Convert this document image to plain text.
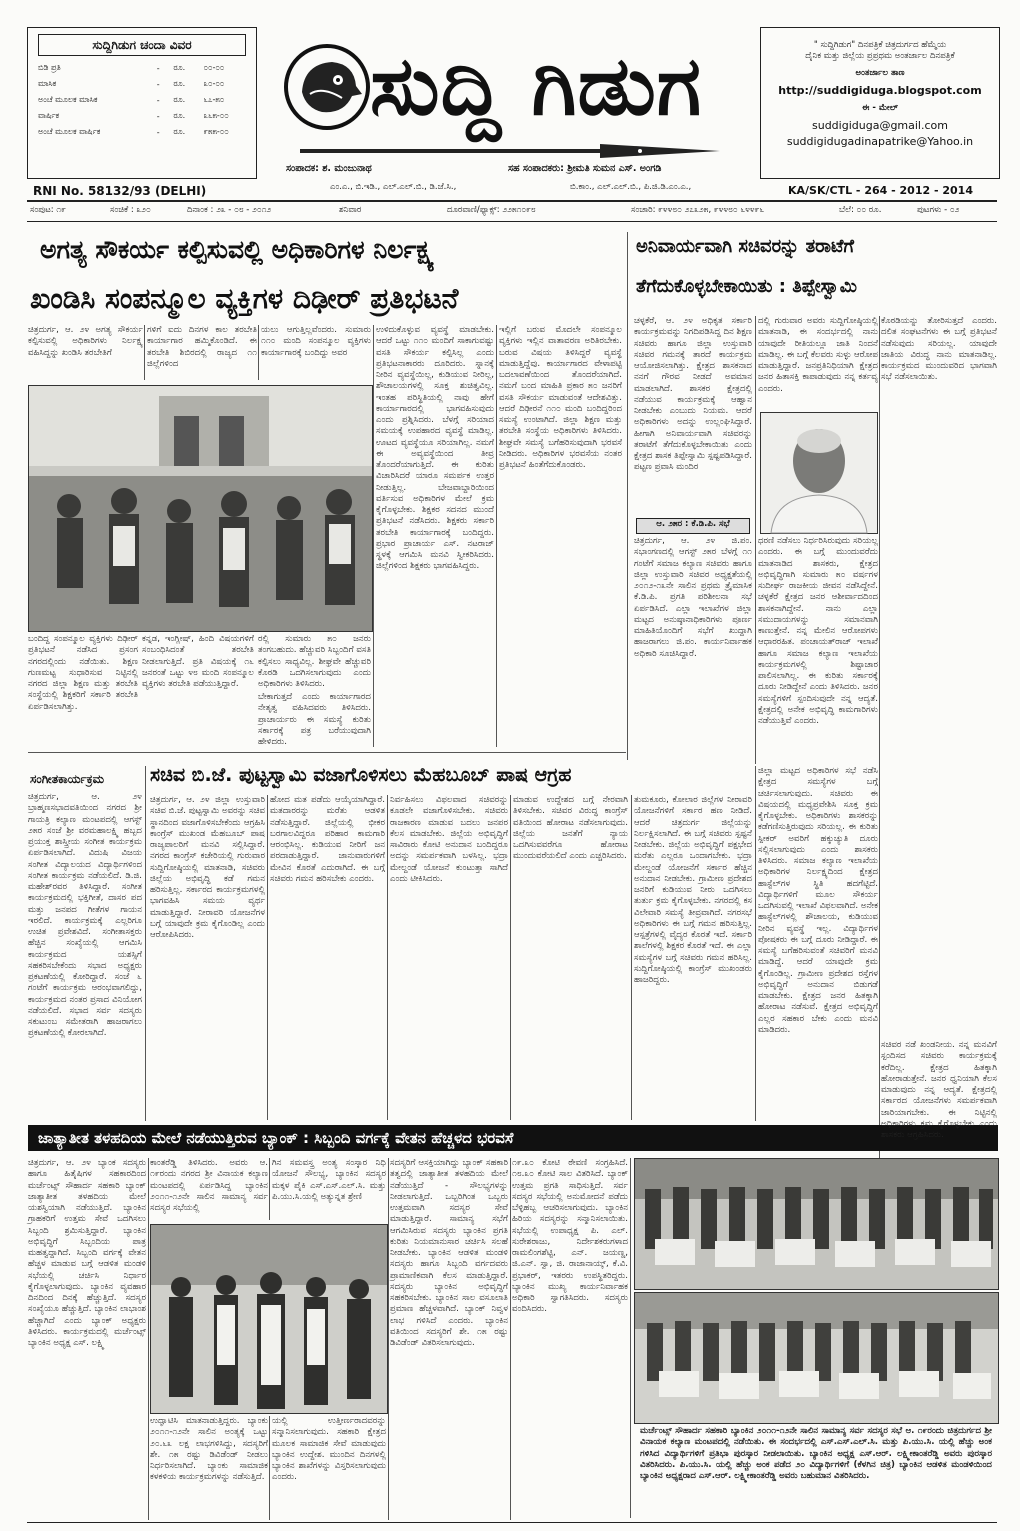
ಸುದ್ದಿಗಿಡುಗ ಚಂದಾ ವಿವರ
ಬಿಡಿ ಪ್ರತಿ	-	ರೂ.	೦೦-೦೦
ಮಾಸಿಕ	-	ರೂ.	೩೦-೦೦
ಅಂಚೆ ಮೂಲಕ ಮಾಸಿಕ	-	ರೂ.	೬೭-೫೦
ವಾರ್ಷಿಕ	-	ರೂ.	೩೬೫-೦೦
ಅಂಚೆ ಮೂಲಕ ವಾರ್ಷಿಕ	-	ರೂ.	೯೫೫-೦೦
RNI No. 58132/93 (DELHI)
ಸುದ್ದಿ ಗಿಡುಗ
ಸಂಪಾದಕ: ಶ. ಮಂಜುನಾಥ
ಎಂ.ಎ., ಬಿ.ಇಡಿ., ಎಲ್.ಎಲ್.ಬಿ., ಡಿ.ಜೆ.ಸಿ.,
ಸಹ ಸಂಪಾದಕರು: ಶ್ರೀಮತಿ ಸುಮನ ಎಸ್. ಅಂಗಡಿ
ಬಿ.ಕಾಂ., ಎಲ್.ಎಲ್.ಬಿ., ಪಿ.ಜಿ.ಡಿ.ಎಂ.ಎ.,
" ಸುದ್ದಿಗಿಡುಗ" ದಿನಪತ್ರಿಕೆ ಚಿತ್ರದುರ್ಗದ ಹೆಮ್ಮೆಯ
ದೈನಿಕ ಮತ್ತು ಜಿಲ್ಲೆಯ ಪ್ರಪ್ರಥಮ ಅಂತರ್ಜಾಲ ದಿನಪತ್ರಿಕೆ
ಅಂತರ್ಜಾಲ ತಾಣ
http://suddigiduga.blogspot.com
ಈ - ಮೇಲ್
suddigiduga@gmail.com
suddigidugadinapatrike@Yahoo.in
KA/SK/CTL - 264 - 2012 - 2014
ಸಂಪುಟ: ೧೯	ಸಂಚಿಕೆ : ೩೨೦	ದಿನಾಂಕ : ೨೩ - ೦೮ - ೨೦೧೨	ಶನಿವಾರ	ದೂರವಾಣಿ/ಫ್ಯಾಕ್ಸ್: ೨೨೫೧೦೯೮	ಸಂಚಾರಿ: ೯೪೪೮೦ ೨೭೩೨೫, ೯೪೪೮೦ ೬೪೪೯೬	ಬೆಲೆ: ೦೦ ರೂ.	ಪುಟಗಳು - ೦೨
ಅಗತ್ಯ ಸೌಕರ್ಯ ಕಲ್ಪಿಸುವಲ್ಲಿ ಅಧಿಕಾರಿಗಳ ನಿರ್ಲಕ್ಷ್ಯ
ಖಂಡಿಸಿ ಸಂಪನ್ಮೂಲ ವ್ಯಕ್ತಿಗಳ ದಿಢೀರ್ ಪ್ರತಿಭಟನೆ
ಚಿತ್ರದುರ್ಗ, ಆ. ೨೪ ಅಗತ್ಯ ಸೌಕರ್ಯ ಕಲ್ಪಿಸುವಲ್ಲಿ ಅಧಿಕಾರಿಗಳು ನಿರ್ಲಕ್ಷ್ಯ ವಹಿಸಿದ್ದನ್ನು ಖಂಡಿಸಿ ತರಬೇತಿಗೆ
ಗಳಿಗೆ ಐದು ದಿನಗಳ ಕಾಲ ತರಬೇತಿ ಕಾರ್ಯಾಗಾರ ಹಮ್ಮಿಕೊಂಡಿದೆ. ಈ ತರಬೇತಿ ಶಿಬಿರದಲ್ಲಿ ರಾಜ್ಯದ ೧೧ ಜಿಲ್ಲೆಗಳಿಂದ
ಯಲು ಆಗುತ್ತಿಲ್ಲವೆಂದರು. ಸುಮಾರು ೧೧೦ ಮಂದಿ ಸಂಪನ್ಮೂಲ ವ್ಯಕ್ತಿಗಳು ಕಾರ್ಯಾಗಾರಕ್ಕೆ ಬಂದಿದ್ದು ಅವರ
ಉಳಿದುಕೊಳ್ಳುವ ವ್ಯವಸ್ಥೆ ಮಾಡಬೇಕು. ಆದರೆ ಒಟ್ಟು ೧೧೦ ಮಂದಿಗೆ ಸಾಕಾಗುವಷ್ಟು ವಸತಿ ಸೌಕರ್ಯ ಕಲ್ಪಿಸಿಲ್ಲ ಎಂದು ಪ್ರತಿಭಟನಾಕಾರರು ದೂರಿದರು. ಸ್ನಾನಕ್ಕೆ ನೀರಿನ ವ್ಯವಸ್ಥೆಯಿಲ್ಲ, ಕುಡಿಯುವ ನೀರಿಲ್ಲ, ಶೌಚಾಲಯಗಳಲ್ಲಿ ಸೂಕ್ತ ಶುಚಿತ್ವವಿಲ್ಲ. ಇಂತಹ ಪರಿಸ್ಥಿತಿಯಲ್ಲಿ ನಾವು ಹೇಗೆ ಕಾರ್ಯಾಗಾರದಲ್ಲಿ ಭಾಗವಹಿಸುವುದು ಎಂದು ಪ್ರಶ್ನಿಸಿದರು. ಬೆಳಗ್ಗೆ ಸರಿಯಾದ ಸಮಯಕ್ಕೆ ಉಪಹಾರದ ವ್ಯವಸ್ಥೆ ಮಾಡಿಲ್ಲ. ಊಟದ ವ್ಯವಸ್ಥೆಯೂ ಸರಿಯಾಗಿಲ್ಲ. ನಮಗೆ ಈ ಅವ್ಯವಸ್ಥೆಯಿಂದ ತೀವ್ರ ತೊಂದರೆಯಾಗುತ್ತಿದೆ. ಈ ಕುರಿತು ವಿಚಾರಿಸಿದರೆ ಯಾರೂ ಸಮರ್ಪಕ ಉತ್ತರ ನೀಡುತ್ತಿಲ್ಲ. ಬೇಜವಾಬ್ದಾರಿಯಿಂದ ವರ್ತಿಸುವ ಅಧಿಕಾರಿಗಳ ಮೇಲೆ ಕ್ರಮ ಕೈಗೊಳ್ಳಬೇಕು. ಶಿಕ್ಷಕರ ಸದನದ ಮುಂದೆ ಪ್ರತಿಭಟನೆ ನಡೆಸಿದರು. ಶಿಕ್ಷಕರು ಸರ್ಕಾರಿ ತರಬೇತಿ ಕಾರ್ಯಾಗಾರಕ್ಕೆ ಬಂದಿದ್ದರು. ಪ್ರಭಾರ ಪ್ರಾಚಾರ್ಯ ಎಸ್. ನಟರಾಜ್ ಸ್ಥಳಕ್ಕೆ ಆಗಮಿಸಿ ಮನವಿ ಸ್ವೀಕರಿಸಿದರು. ಜಿಲ್ಲೆಗಳಿಂದ ಶಿಕ್ಷಕರು ಭಾಗವಹಿಸಿದ್ದರು.
ಇಲ್ಲಿಗೆ ಬರುವ ಮೊದಲೇ ಸಂಪನ್ಮೂಲ ವ್ಯಕ್ತಿಗಳು ಇಲ್ಲಿನ ವಾತಾವರಣ ಅರಿತಿರಬೇಕು. ಬರುವ ವಿಷಯ ತಿಳಿಸಿದ್ದರೆ ವ್ಯವಸ್ಥೆ ಮಾಡುತ್ತಿದ್ದೆವು. ಕಾರ್ಯಾಗಾರದ ವೇಳಾಪಟ್ಟಿ ಬದಲಾವಣೆಯಿಂದ ತೊಂದರೆಯಾಗಿದೆ. ನಮಗೆ ಬಂದ ಮಾಹಿತಿ ಪ್ರಕಾರ ೫೦ ಜನರಿಗೆ ವಸತಿ ಸೌಕರ್ಯ ಮಾಡುವಂತೆ ಆದೇಶವಿತ್ತು. ಆದರೆ ದಿಢೀರನೆ ೧೧೦ ಮಂದಿ ಬಂದಿದ್ದರಿಂದ ಸಮಸ್ಯೆ ಉಂಟಾಗಿದೆ. ಜಿಲ್ಲಾ ಶಿಕ್ಷಣ ಮತ್ತು ತರಬೇತಿ ಸಂಸ್ಥೆಯ ಅಧಿಕಾರಿಗಳು ತಿಳಿಸಿದರು. ಶೀಘ್ರವೇ ಸಮಸ್ಯೆ ಬಗೆಹರಿಸುವುದಾಗಿ ಭರವಸೆ ನೀಡಿದರು. ಅಧಿಕಾರಿಗಳ ಭರವಸೆಯ ನಂತರ ಪ್ರತಿಭಟನೆ ಹಿಂತೆಗೆದುಕೊಂಡರು.
ಬಂದಿದ್ದ ಸಂಪನ್ಮೂಲ ವ್ಯಕ್ತಿಗಳು ದಿಢೀರ್ ಪ್ರತಿಭಟನೆ ನಡೆಸಿದ ಪ್ರಸಂಗ ನಗರದಲ್ಲಿಂದು ನಡೆಯಿತು. ಶಿಕ್ಷಣ ಗುಣಮಟ್ಟ ಸುಧಾರಿಸುವ ನಿಟ್ಟಿನಲ್ಲಿ ನಗರದ ಜಿಲ್ಲಾ ಶಿಕ್ಷಣ ಮತ್ತು ತರಬೇತಿ ಸಂಸ್ಥೆಯಲ್ಲಿ ಶಿಕ್ಷಕರಿಗೆ ಸರ್ಕಾರಿ ತರಬೇತಿ ಏರ್ಪಡಿಸಲಾಗಿತ್ತು.
ಕನ್ನಡ, ಇಂಗ್ಲೀಷ್, ಹಿಂದಿ ವಿಷಯಗಳಿಗೆ ಸಂಬಂಧಿಸಿದಂತೆ ತರಬೇತಿ ನೀಡಲಾಗುತ್ತಿದೆ. ಪ್ರತಿ ವಿಷಯಕ್ಕೆ ೧೬ ಜನರಂತೆ ಒಟ್ಟು ೪೮ ಮಂದಿ ಸಂಪನ್ಮೂಲ ವ್ಯಕ್ತಿಗಳು ತರಬೇತಿ ಪಡೆಯುತ್ತಿದ್ದಾರೆ.
ರಲ್ಲಿ ಸುಮಾರು ೫೦ ಜನರು ತಂಗಬಹುದು. ಹೆಚ್ಚುವರಿ ಸಿಬ್ಬಂದಿಗೆ ವಸತಿ ಕಲ್ಪಿಸಲು ಸಾಧ್ಯವಿಲ್ಲ. ಶೀಘ್ರವೇ ಹೆಚ್ಚುವರಿ ಕೊಠಡಿ ಒದಗಿಸಲಾಗುವುದು ಎಂದು ಅಧಿಕಾರಿಗಳು ತಿಳಿಸಿದರು.
ಬೇಕಾಗುತ್ತದೆ ಎಂದು ಕಾರ್ಯಾಗಾರದ ನೇತೃತ್ವ ವಹಿಸಿದವರು ತಿಳಿಸಿದರು. ಪ್ರಾಚಾರ್ಯರು ಈ ಸಮಸ್ಯೆ ಕುರಿತು ಸರ್ಕಾರಕ್ಕೆ ಪತ್ರ ಬರೆಯುವುದಾಗಿ ಹೇಳಿದರು.
ಅನಿವಾರ್ಯವಾಗಿ ಸಚಿವರನ್ನು ತರಾಟೆಗೆ
ತೆಗೆದುಕೊಳ್ಳಬೇಕಾಯಿತು : ತಿಪ್ಪೇಸ್ವಾಮಿ
ಚಳ್ಳಕೆರೆ, ಆ. ೨೪ ಅಧಿಕೃತ ಸರ್ಕಾರಿ ಕಾರ್ಯಕ್ರಮವನ್ನು ನಿಗದಿಪಡಿಸಿದ್ದ ದಿನ ಶಿಕ್ಷಣ ಸಚಿವರು ಹಾಗೂ ಜಿಲ್ಲಾ ಉಸ್ತುವಾರಿ ಸಚಿವರ ಗಮನಕ್ಕೆ ತಾರದೆ ಕಾರ್ಯಕ್ರಮ ಆಯೋಜಿಸಲಾಗಿತ್ತು. ಕ್ಷೇತ್ರದ ಶಾಸಕನಾದ ನನಗೆ ಗೌರವ ನೀಡದೆ ಅವಮಾನ ಮಾಡಲಾಗಿದೆ. ಶಾಸಕರ ಕ್ಷೇತ್ರದಲ್ಲಿ ನಡೆಯುವ ಕಾರ್ಯಕ್ರಮಕ್ಕೆ ಆಹ್ವಾನ ನೀಡಬೇಕು ಎಂಬುದು ನಿಯಮ. ಆದರೆ ಅಧಿಕಾರಿಗಳು ಅದನ್ನು ಉಲ್ಲಂಘಿಸಿದ್ದಾರೆ. ಹೀಗಾಗಿ ಅನಿವಾರ್ಯವಾಗಿ ಸಚಿವರನ್ನು ತರಾಟೆಗೆ ತೆಗೆದುಕೊಳ್ಳಬೇಕಾಯಿತು ಎಂದು ಕ್ಷೇತ್ರದ ಶಾಸಕ ತಿಪ್ಪೇಸ್ವಾಮಿ ಸ್ಪಷ್ಟಪಡಿಸಿದ್ದಾರೆ. ಪಟ್ಟಣ ಪ್ರವಾಸಿ ಮಂದಿರ
ದಲ್ಲಿ ಗುರುವಾರ ಅವರು ಸುದ್ದಿಗೋಷ್ಠಿಯಲ್ಲಿ ಮಾತನಾಡಿ, ಈ ಸಂದರ್ಭದಲ್ಲಿ ನಾನು ಯಾವುದೇ ರೀತಿಯಲ್ಲೂ ಜಾತಿ ನಿಂದನೆ ಮಾಡಿಲ್ಲ. ಈ ಬಗ್ಗೆ ಕೆಲವರು ಸುಳ್ಳು ಆರೋಪ ಮಾಡುತ್ತಿದ್ದಾರೆ. ಜನಪ್ರತಿನಿಧಿಯಾಗಿ ಕ್ಷೇತ್ರದ ಜನರ ಹಿತಾಸಕ್ತಿ ಕಾಪಾಡುವುದು ನನ್ನ ಕರ್ತವ್ಯ ಎಂದರು.
ಕೊಠಡಿಯನ್ನು ತೋರಿಸುತ್ತದೆ ಎಂದರು. ದಲಿತ ಸಂಘಟನೆಗಳು ಈ ಬಗ್ಗೆ ಪ್ರತಿಭಟನೆ ನಡೆಸುವುದು ಸರಿಯಲ್ಲ. ಯಾವುದೇ ಜಾತಿಯ ವಿರುದ್ಧ ನಾನು ಮಾತನಾಡಿಲ್ಲ. ಕಾರ್ಯಕ್ರಮದ ಮುಂದುವರಿದ ಭಾಗವಾಗಿ ಸಭೆ ನಡೆಸಲಾಯಿತು.
ಆ. ೨೫ರ : ಕೆ.ಡಿ.ಪಿ. ಸಭೆ
ಚಿತ್ರದುರ್ಗ, ಆ. ೨೪ ಜಿ.ಪಂ. ಸಭಾಂಗಣದಲ್ಲಿ ಆಗಸ್ಟ್ ೨೫ರ ಬೆಳಗ್ಗೆ ೧೧ ಗಂಟೆಗೆ ಸಮಾಜ ಕಲ್ಯಾಣ ಸಚಿವರು ಹಾಗೂ ಜಿಲ್ಲಾ ಉಸ್ತುವಾರಿ ಸಚಿವರ ಅಧ್ಯಕ್ಷತೆಯಲ್ಲಿ ೨೦೧೨-೧೩ನೇ ಸಾಲಿನ ಪ್ರಥಮ ತ್ರೈಮಾಸಿಕ ಕೆ.ಡಿ.ಪಿ. ಪ್ರಗತಿ ಪರಿಶೀಲನಾ ಸಭೆ ಏರ್ಪಡಿಸಿದೆ. ಎಲ್ಲಾ ಇಲಾಖೆಗಳ ಜಿಲ್ಲಾ ಮಟ್ಟದ ಅನುಷ್ಠಾನಾಧಿಕಾರಿಗಳು ಪೂರ್ಣ ಮಾಹಿತಿಯೊಂದಿಗೆ ಸಭೆಗೆ ಖುದ್ದಾಗಿ ಹಾಜರಾಗಲು ಜಿ.ಪಂ. ಕಾರ್ಯನಿರ್ವಾಹಕ ಅಧಿಕಾರಿ ಸೂಚಿಸಿದ್ದಾರೆ.
ಧರಣಿ ನಡೆಸಲು ನಿರ್ಧರಿಸಿರುವುದು ಸರಿಯಲ್ಲ ಎಂದರು. ಈ ಬಗ್ಗೆ ಮುಂದುವರೆದು ಮಾತನಾಡಿದ ಶಾಸಕರು, ಕ್ಷೇತ್ರದ ಅಭಿವೃದ್ಧಿಗಾಗಿ ಸುಮಾರು ೫೦ ವರ್ಷಗಳ ಸುದೀರ್ಘ ರಾಜಕೀಯ ಜೀವನ ನಡೆಸಿದ್ದೇನೆ. ಚಳ್ಳಕೆರೆ ಕ್ಷೇತ್ರದ ಜನರ ಆಶೀರ್ವಾದದಿಂದ ಶಾಸಕನಾಗಿದ್ದೇನೆ. ನಾನು ಎಲ್ಲಾ ಸಮುದಾಯಗಳನ್ನು ಸಮಾನವಾಗಿ ಕಾಣುತ್ತೇನೆ. ನನ್ನ ಮೇಲಿನ ಆರೋಪಗಳು ಆಧಾರರಹಿತ. ಪಂಚಾಯತ್‌ರಾಜ್ ಇಲಾಖೆ ಹಾಗೂ ಸಮಾಜ ಕಲ್ಯಾಣ ಇಲಾಖೆಯ ಕಾರ್ಯಕ್ರಮಗಳಲ್ಲಿ ಶಿಷ್ಟಾಚಾರ ಪಾಲಿಸಲಾಗಿಲ್ಲ. ಈ ಕುರಿತು ಸರ್ಕಾರಕ್ಕೆ ದೂರು ನೀಡಿದ್ದೇನೆ ಎಂದು ತಿಳಿಸಿದರು. ಜನರ ಸಮಸ್ಯೆಗಳಿಗೆ ಸ್ಪಂದಿಸುವುದೇ ನನ್ನ ಆದ್ಯತೆ. ಕ್ಷೇತ್ರದಲ್ಲಿ ಅನೇಕ ಅಭಿವೃದ್ಧಿ ಕಾಮಗಾರಿಗಳು ನಡೆಯುತ್ತಿವೆ ಎಂದರು.
ಸಂಗೀತಕಾರ್ಯಕ್ರಮ
ಚಿತ್ರದುರ್ಗ, ಆ. ೨೪ ಬ್ರಾಹ್ಮಣಸಭಾದವತಿಯಿಂದ ನಗರದ ಶ್ರೀ ಗಾಯತ್ರಿ ಕಲ್ಯಾಣ ಮಂಟಪದಲ್ಲಿ ಆಗಸ್ಟ್ ೨೫ರ ಸಂಜೆ ಶ್ರೀ ವರಮಹಾಲಕ್ಷ್ಮಿ ಹಬ್ಬದ ಪ್ರಯುಕ್ತ ಶಾಸ್ತ್ರೀಯ ಸಂಗೀತ ಕಾರ್ಯಕ್ರಮ ಏರ್ಪಡಿಸಲಾಗಿದೆ. ವಿದುಷಿ ವಿಜಯ ಸಂಗೀತ ವಿದ್ಯಾಲಯದ ವಿದ್ಯಾರ್ಥಿಗಳಿಂದ ಸಂಗೀತ ಕಾರ್ಯಕ್ರಮ ನಡೆಯಲಿದೆ. ಡಿ.ಜಿ. ಮಹೇಶ್‌ರವರ ತಿಳಿಸಿದ್ದಾರೆ. ಸಂಗೀತ ಕಾರ್ಯಕ್ರಮದಲ್ಲಿ ಭಕ್ತಿಗೀತೆ, ದಾಸರ ಪದ ಮತ್ತು ಜನಪದ ಗೀತೆಗಳ ಗಾಯನ ಇರಲಿದೆ. ಕಾರ್ಯಕ್ರಮಕ್ಕೆ ಎಲ್ಲರಿಗೂ ಉಚಿತ ಪ್ರವೇಶವಿದೆ. ಸಂಗೀತಾಸಕ್ತರು ಹೆಚ್ಚಿನ ಸಂಖ್ಯೆಯಲ್ಲಿ ಆಗಮಿಸಿ ಕಾರ್ಯಕ್ರಮದ ಯಶಸ್ಸಿಗೆ ಸಹಕರಿಸಬೇಕೆಂದು ಸಭಾದ ಅಧ್ಯಕ್ಷರು ಪ್ರಕಟಣೆಯಲ್ಲಿ ಕೋರಿದ್ದಾರೆ. ಸಂಜೆ ೬ ಗಂಟೆಗೆ ಕಾರ್ಯಕ್ರಮ ಆರಂಭವಾಗಲಿದ್ದು, ಕಾರ್ಯಕ್ರಮದ ನಂತರ ಪ್ರಸಾದ ವಿನಿಯೋಗ ನಡೆಯಲಿದೆ. ಸಭಾದ ಸರ್ವ ಸದಸ್ಯರು ಸಕುಟುಂಬ ಸಮೇತರಾಗಿ ಹಾಜರಾಗಲು ಪ್ರಕಟಣೆಯಲ್ಲಿ ಕೋರಲಾಗಿದೆ.
ಸಚಿವ ಬಿ.ಜೆ. ಪುಟ್ಟಸ್ವಾಮಿ ವಜಾಗೊಳಿಸಲು ಮೆಹಬೂಬ್ ಪಾಷ ಆಗ್ರಹ
ಚಿತ್ರದುರ್ಗ, ಆ. ೨೪ ಜಿಲ್ಲಾ ಉಸ್ತುವಾರಿ ಸಚಿವ ಬಿ.ಜೆ. ಪುಟ್ಟಸ್ವಾಮಿ ಅವರನ್ನು ಸಚಿವ ಸ್ಥಾನದಿಂದ ವಜಾಗೊಳಿಸಬೇಕೆಂದು ಆಗ್ರಹಿಸಿ ಕಾಂಗ್ರೆಸ್ ಮುಖಂಡ ಮೆಹಬೂಬ್ ಪಾಷ ರಾಜ್ಯಪಾಲರಿಗೆ ಮನವಿ ಸಲ್ಲಿಸಿದ್ದಾರೆ. ನಗರದ ಕಾಂಗ್ರೆಸ್ ಕಚೇರಿಯಲ್ಲಿ ಗುರುವಾರ ಸುದ್ದಿಗೋಷ್ಠಿಯಲ್ಲಿ ಮಾತನಾಡಿ, ಸಚಿವರು ಜಿಲ್ಲೆಯ ಅಭಿವೃದ್ಧಿ ಕಡೆ ಗಮನ ಹರಿಸುತ್ತಿಲ್ಲ. ಸರ್ಕಾರದ ಕಾರ್ಯಕ್ರಮಗಳಲ್ಲಿ ಭಾಗವಹಿಸಿ ಸಮಯ ವ್ಯರ್ಥ ಮಾಡುತ್ತಿದ್ದಾರೆ. ನೀರಾವರಿ ಯೋಜನೆಗಳ ಬಗ್ಗೆ ಯಾವುದೇ ಕ್ರಮ ಕೈಗೊಂಡಿಲ್ಲ ಎಂದು ಆರೋಪಿಸಿದರು.
ಹೋದ ಮತ ಪಡೆದು ಆಯ್ಕೆಯಾಗಿದ್ದಾರೆ. ಮತದಾರರನ್ನು ಮರೆತು ಆಡಳಿತ ನಡೆಸುತ್ತಿದ್ದಾರೆ. ಜಿಲ್ಲೆಯಲ್ಲಿ ಭೀಕರ ಬರಗಾಲವಿದ್ದರೂ ಪರಿಹಾರ ಕಾಮಗಾರಿ ಆರಂಭಿಸಿಲ್ಲ. ಕುಡಿಯುವ ನೀರಿಗೆ ಜನ ಪರದಾಡುತ್ತಿದ್ದಾರೆ. ಜಾನುವಾರುಗಳಿಗೆ ಮೇವಿನ ಕೊರತೆ ಎದುರಾಗಿದೆ. ಈ ಬಗ್ಗೆ ಸಚಿವರು ಗಮನ ಹರಿಸಬೇಕು ಎಂದರು.
ನಿರ್ವಹಿಸಲು ವಿಫಲವಾದ ಸಚಿವರನ್ನು ಕೂಡಲೇ ವಜಾಗೊಳಿಸಬೇಕು. ಸಚಿವರು ರಾಜಕಾರಣ ಮಾಡುವ ಬದಲು ಜನಪರ ಕೆಲಸ ಮಾಡಬೇಕು. ಜಿಲ್ಲೆಯ ಅಭಿವೃದ್ಧಿಗೆ ಸಾವಿರಾರು ಕೋಟಿ ಅನುದಾನ ಬಂದಿದ್ದರೂ ಅದನ್ನು ಸಮರ್ಪಕವಾಗಿ ಬಳಸಿಲ್ಲ. ಭದ್ರಾ ಮೇಲ್ದಂಡೆ ಯೋಜನೆ ಕುಂಟುತ್ತಾ ಸಾಗಿದೆ ಎಂದು ಟೀಕಿಸಿದರು.
ಮಾಡುವ ಉದ್ದೇಶದ ಬಗ್ಗೆ ನೇರವಾಗಿ ತಿಳಿಸಬೇಕು. ಸಚಿವರ ವಿರುದ್ಧ ಕಾಂಗ್ರೆಸ್ ವತಿಯಿಂದ ಹೋರಾಟ ನಡೆಸಲಾಗುವುದು. ಜಿಲ್ಲೆಯ ಜನತೆಗೆ ನ್ಯಾಯ ಒದಗಿಸುವವರೆಗೂ ಹೋರಾಟ ಮುಂದುವರೆಯಲಿದೆ ಎಂದು ಎಚ್ಚರಿಸಿದರು.
ತುಮಕೂರು, ಕೋಲಾರ ಜಿಲ್ಲೆಗಳ ನೀರಾವರಿ ಯೋಜನೆಗಳಿಗೆ ಸರ್ಕಾರ ಹಣ ನೀಡಿದೆ. ಆದರೆ ಚಿತ್ರದುರ್ಗ ಜಿಲ್ಲೆಯನ್ನು ನಿರ್ಲಕ್ಷಿಸಲಾಗಿದೆ. ಈ ಬಗ್ಗೆ ಸಚಿವರು ಸ್ಪಷ್ಟನೆ ನೀಡಬೇಕು. ಜಿಲ್ಲೆಯ ಅಭಿವೃದ್ಧಿಗೆ ಪಕ್ಷಭೇದ ಮರೆತು ಎಲ್ಲರೂ ಒಂದಾಗಬೇಕು. ಭದ್ರಾ ಮೇಲ್ದಂಡೆ ಯೋಜನೆಗೆ ಸರ್ಕಾರ ಹೆಚ್ಚಿನ ಅನುದಾನ ನೀಡಬೇಕು. ಗ್ರಾಮೀಣ ಪ್ರದೇಶದ ಜನರಿಗೆ ಕುಡಿಯುವ ನೀರು ಒದಗಿಸಲು ತುರ್ತು ಕ್ರಮ ಕೈಗೊಳ್ಳಬೇಕು. ನಗರದಲ್ಲಿ ಕಸ ವಿಲೇವಾರಿ ಸಮಸ್ಯೆ ತೀವ್ರವಾಗಿದೆ. ನಗರಸಭೆ ಅಧಿಕಾರಿಗಳು ಈ ಬಗ್ಗೆ ಗಮನ ಹರಿಸುತ್ತಿಲ್ಲ. ಆಸ್ಪತ್ರೆಗಳಲ್ಲಿ ವೈದ್ಯರ ಕೊರತೆ ಇದೆ. ಸರ್ಕಾರಿ ಶಾಲೆಗಳಲ್ಲಿ ಶಿಕ್ಷಕರ ಕೊರತೆ ಇದೆ. ಈ ಎಲ್ಲಾ ಸಮಸ್ಯೆಗಳ ಬಗ್ಗೆ ಸಚಿವರು ಗಮನ ಹರಿಸಿಲ್ಲ. ಸುದ್ದಿಗೋಷ್ಠಿಯಲ್ಲಿ ಕಾಂಗ್ರೆಸ್ ಮುಖಂಡರು ಹಾಜರಿದ್ದರು.
ಜಿಲ್ಲಾ ಮಟ್ಟದ ಅಧಿಕಾರಿಗಳ ಸಭೆ ನಡೆಸಿ ಕ್ಷೇತ್ರದ ಸಮಸ್ಯೆಗಳ ಬಗ್ಗೆ ಚರ್ಚಿಸಲಾಗುವುದು. ಸಚಿವರು ಈ ವಿಷಯದಲ್ಲಿ ಮಧ್ಯಪ್ರವೇಶಿಸಿ ಸೂಕ್ತ ಕ್ರಮ ಕೈಗೊಳ್ಳಬೇಕು. ಅಧಿಕಾರಿಗಳು ಶಾಸಕರನ್ನು ಕಡೆಗಣಿಸುತ್ತಿರುವುದು ಸರಿಯಲ್ಲ. ಈ ಕುರಿತು ಸ್ಪೀಕರ್ ಅವರಿಗೆ ಹಕ್ಕುಚ್ಯುತಿ ದೂರು ಸಲ್ಲಿಸಲಾಗುವುದು ಎಂದು ಶಾಸಕರು ತಿಳಿಸಿದರು. ಸಮಾಜ ಕಲ್ಯಾಣ ಇಲಾಖೆಯ ಅಧಿಕಾರಿಗಳ ನಿರ್ಲಕ್ಷ್ಯದಿಂದ ಕ್ಷೇತ್ರದ ಹಾಸ್ಟೆಲ್‌ಗಳ ಸ್ಥಿತಿ ಹದಗೆಟ್ಟಿದೆ. ವಿದ್ಯಾರ್ಥಿಗಳಿಗೆ ಮೂಲ ಸೌಕರ್ಯ ಒದಗಿಸುವಲ್ಲಿ ಇಲಾಖೆ ವಿಫಲವಾಗಿದೆ. ಅನೇಕ ಹಾಸ್ಟೆಲ್‌ಗಳಲ್ಲಿ ಶೌಚಾಲಯ, ಕುಡಿಯುವ ನೀರಿನ ವ್ಯವಸ್ಥೆ ಇಲ್ಲ. ವಿದ್ಯಾರ್ಥಿಗಳ ಪೋಷಕರು ಈ ಬಗ್ಗೆ ದೂರು ನೀಡಿದ್ದಾರೆ. ಈ ಸಮಸ್ಯೆ ಬಗೆಹರಿಸುವಂತೆ ಸಚಿವರಿಗೆ ಮನವಿ ಮಾಡಿದ್ದೆ. ಆದರೆ ಯಾವುದೇ ಕ್ರಮ ಕೈಗೊಂಡಿಲ್ಲ. ಗ್ರಾಮೀಣ ಪ್ರದೇಶದ ರಸ್ತೆಗಳ ಅಭಿವೃದ್ಧಿಗೆ ಅನುದಾನ ಬಿಡುಗಡೆ ಮಾಡಬೇಕು. ಕ್ಷೇತ್ರದ ಜನರ ಹಿತಕ್ಕಾಗಿ ಹೋರಾಟ ನಡೆಸುವೆ. ಕ್ಷೇತ್ರದ ಅಭಿವೃದ್ಧಿಗೆ ಎಲ್ಲರ ಸಹಕಾರ ಬೇಕು ಎಂದು ಮನವಿ ಮಾಡಿದರು.
ಜಾತ್ಯಾತೀತ ತಳಹದಿಯ ಮೇಲೆ ನಡೆಯುತ್ತಿರುವ ಬ್ಯಾಂಕ್ : ಸಿಬ್ಬಂದಿ ವರ್ಗಕ್ಕೆ ವೇತನ ಹೆಚ್ಚಳದ ಭರವಸೆ
ಚಿತ್ರದುರ್ಗ, ಆ. ೨೪ ಬ್ಯಾಂಕ ಸದಸ್ಯರು ಹಾಗೂ ಹಿತೈಷಿಗಳ ಸಹಕಾರದಿಂದ ಮರ್ಚೆಂಟ್ಸ್ ಸೌಹಾರ್ದ ಸಹಕಾರಿ ಬ್ಯಾಂಕ್ ಜಾತ್ಯಾತೀತ ತಳಹದಿಯ ಮೇಲೆ ಯಶಸ್ವಿಯಾಗಿ ನಡೆಯುತ್ತಿದೆ. ಬ್ಯಾಂಕಿನ ಗ್ರಾಹಕರಿಗೆ ಉತ್ತಮ ಸೇವೆ ಒದಗಿಸಲು ಸಿಬ್ಬಂದಿ ಶ್ರಮಿಸುತ್ತಿದ್ದಾರೆ. ಬ್ಯಾಂಕಿನ ಅಭಿವೃದ್ಧಿಗೆ ಸಿಬ್ಬಂದಿಯ ಪಾತ್ರ ಮಹತ್ವದ್ದಾಗಿದೆ. ಸಿಬ್ಬಂದಿ ವರ್ಗಕ್ಕೆ ವೇತನ ಹೆಚ್ಚಳ ಮಾಡುವ ಬಗ್ಗೆ ಆಡಳಿತ ಮಂಡಳಿ ಸಭೆಯಲ್ಲಿ ಚರ್ಚಿಸಿ ನಿರ್ಧಾರ ಕೈಗೊಳ್ಳಲಾಗುವುದು. ಬ್ಯಾಂಕಿನ ವ್ಯವಹಾರ ದಿನದಿಂದ ದಿನಕ್ಕೆ ಹೆಚ್ಚುತ್ತಿದೆ. ಸದಸ್ಯರ ಸಂಖ್ಯೆಯೂ ಹೆಚ್ಚುತ್ತಿದೆ. ಬ್ಯಾಂಕಿನ ಲಾಭಾಂಶ ಹೆಚ್ಚಾಗಿದೆ ಎಂದು ಬ್ಯಾಂಕ್ ಅಧ್ಯಕ್ಷರು ತಿಳಿಸಿದರು. ಕಾರ್ಯಕ್ರಮದಲ್ಲಿ ಮರ್ಚೆಂಟ್ಸ್ ಬ್ಯಾಂಕಿನ ಅಧ್ಯಕ್ಷ ಎಸ್. ಲಕ್ಷ್ಮಿ
ಕಾಂತರೆಡ್ಡಿ ತಿಳಿಸಿದರು. ಅವರು ಆ. ೧೯ರಂದು ನಗರದ ಶ್ರೀ ವಿನಾಯಕ ಕಲ್ಯಾಣ ಮಂಟಪದಲ್ಲಿ ಏರ್ಪಡಿಸಿದ್ದ ಬ್ಯಾಂಕಿನ ೨೦೧೧-೧೨ನೇ ಸಾಲಿನ ಸಾಮಾನ್ಯ ಸರ್ವ ಸದಸ್ಯರ ಸಭೆಯಲ್ಲಿ
ಗಿನ ಸಮವಸ್ತ್ರ ಅಂತ್ಯ ಸಂಸ್ಕಾರ ನಿಧಿ ಯೋಜನೆ ಸೌಲಭ್ಯ, ಬ್ಯಾಂಕಿನ ಸದಸ್ಯರ ಮಕ್ಕಳ ಪೈಕಿ ಎಸ್.ಎಸ್.ಎಲ್.ಸಿ. ಮತ್ತು ಪಿ.ಯು.ಸಿ.ಯಲ್ಲಿ ಅತ್ಯುನ್ನತ ಶ್ರೇಣಿ
ಸದಸ್ಯರಿಗೆ ಆಸಕ್ತಿಯಾಗಿದ್ದು ಬ್ಯಾಂಕ್ ಸಹಕಾರಿ ತತ್ವದಲ್ಲಿ ಜಾತ್ಯಾತೀತ ತಳಹದಿಯ ಮೇಲೆ ನಡೆಯುತ್ತಿದೆ - ಸೌಲಭ್ಯಗಳನ್ನು ನೀಡಲಾಗುತ್ತಿದೆ. ಒಬ್ಬರಿಗಿಂತ ಒಬ್ಬರು ಉತ್ತಮವಾಗಿ ಸದಸ್ಯರ ಸೇವೆ ಮಾಡುತ್ತಿದ್ದಾರೆ. ಸಾಮಾನ್ಯ ಸಭೆಗೆ ಆಗಮಿಸಿರುವ ಸದಸ್ಯರು ಬ್ಯಾಂಕಿನ ಪ್ರಗತಿ ಕುರಿತು ನಿಯಮಾನುಸಾರ ಚರ್ಚಿಸಿ ಸಲಹೆ ನೀಡಬೇಕು. ಬ್ಯಾಂಕಿನ ಆಡಳಿತ ಮಂಡಳಿ ಸದಸ್ಯರು ಹಾಗೂ ಸಿಬ್ಬಂದಿ ವರ್ಗದವರು ಪ್ರಾಮಾಣಿಕವಾಗಿ ಕೆಲಸ ಮಾಡುತ್ತಿದ್ದಾರೆ. ಸದಸ್ಯರು ಬ್ಯಾಂಕಿನ ಅಭಿವೃದ್ಧಿಗೆ ಸಹಕರಿಸಬೇಕು. ಬ್ಯಾಂಕಿನ ಸಾಲ ವಸೂಲಾತಿ ಪ್ರಮಾಣ ಹೆಚ್ಚಳವಾಗಿದೆ. ಬ್ಯಾಂಕ್ ನಿವ್ವಳ ಲಾಭ ಗಳಿಸಿದೆ ಎಂದರು. ಬ್ಯಾಂಕಿನ ವತಿಯಿಂದ ಸದಸ್ಯರಿಗೆ ಶೇ. ೧೫ ರಷ್ಟು ಡಿವಿಡೆಂಡ್ ವಿತರಿಸಲಾಗುವುದು.
೧೯.೩೦ ಕೋಟಿ ಠೇವಣಿ ಸಂಗ್ರಹಿಸಿದೆ. ೧೮.೩೦ ಕೋಟಿ ಸಾಲ ವಿತರಿಸಿದೆ. ಬ್ಯಾಂಕ್ ಉತ್ತಮ ಪ್ರಗತಿ ಸಾಧಿಸುತ್ತಿದೆ. ಸರ್ವ ಸದಸ್ಯರ ಸಭೆಯಲ್ಲಿ ಅನುಮೋದನೆ ಪಡೆದು ಬೆಳ್ಳಿಹಬ್ಬ ಆಚರಿಸಲಾಗುವುದು. ಬ್ಯಾಂಕಿನ ಹಿರಿಯ ಸದಸ್ಯರನ್ನು ಸನ್ಮಾನಿಸಲಾಯಿತು. ಸಭೆಯಲ್ಲಿ ಉಪಾಧ್ಯಕ್ಷ ಪಿ. ಎಲ್. ಸುರೇಶರಾಜು, ನಿರ್ದೇಶಕರುಗಳಾದ ರಾಮಲಿಂಗಶೆಟ್ಟಿ, ಎನ್. ಜಯಣ್ಣ, ಜಿ.ಎನ್. ಸ್ವಾ, ಜಿ. ರಾಜಾನಾಯ್ಕ್, ಕೆ.ವಿ. ಪ್ರಭಾಕರ್, ಇತರರು ಉಪಸ್ಥಿತರಿದ್ದರು. ಬ್ಯಾಂಕಿನ ಮುಖ್ಯ ಕಾರ್ಯನಿರ್ವಾಹಕ ಅಧಿಕಾರಿ ಸ್ವಾಗತಿಸಿದರು. ಸದಸ್ಯರು ವಂದಿಸಿದರು.
ಸಚಿವರ ನಡೆ ಖಂಡನೀಯ. ನನ್ನ ಮನವಿಗೆ ಸ್ಪಂದಿಸದ ಸಚಿವರು ಕಾರ್ಯಕ್ರಮಕ್ಕೆ ಕರೆದಿಲ್ಲ. ಕ್ಷೇತ್ರದ ಹಿತಕ್ಕಾಗಿ ಹೋರಾಡುತ್ತೇನೆ. ಜನರ ಧ್ವನಿಯಾಗಿ ಕೆಲಸ ಮಾಡುವುದು ನನ್ನ ಆದ್ಯತೆ. ಕ್ಷೇತ್ರದಲ್ಲಿ ಸರ್ಕಾರದ ಯೋಜನೆಗಳು ಸಮರ್ಪಕವಾಗಿ ಜಾರಿಯಾಗಬೇಕು. ಈ ನಿಟ್ಟಿನಲ್ಲಿ ಅಧಿಕಾರಿಗಳು ಕ್ರಮ ಕೈಗೊಳ್ಳಬೇಕು ಎಂದು ಶಾಸಕರು ಆಗ್ರಹಿಸಿದರು.
ಉದ್ಘಾಟಿಸಿ ಮಾತನಾಡುತ್ತಿದ್ದರು. ಬ್ಯಾಂಕು ೨೦೧೧-೧೨ನೇ ಸಾಲಿನ ಅಂತ್ಯಕ್ಕೆ ಒಟ್ಟು ೨೦.೬೩ ಲಕ್ಷ ಲಾಭಗಳಿಸಿದ್ದು, ಸದಸ್ಯರಿಗೆ ಶೇ. ೧೫ ರಷ್ಟು ಡಿವಿಡೆಂಡ್ ನೀಡಲು ನಿರ್ಧರಿಸಲಾಗಿದೆ. ಬ್ಯಾಂಕು ಸಾಮಾಜಿಕ ಕಳಕಳಿಯ ಕಾರ್ಯಕ್ರಮಗಳನ್ನು ನಡೆಸುತ್ತಿದೆ.
ಯಲ್ಲಿ ಉತ್ತೀರ್ಣರಾದವರನ್ನು ಸನ್ಮಾನಿಸಲಾಗುವುದು. ಸಹಕಾರಿ ಕ್ಷೇತ್ರದ ಮೂಲಕ ಸಾಮಾಜಿಕ ಸೇವೆ ಮಾಡುವುದು ಬ್ಯಾಂಕಿನ ಉದ್ದೇಶ. ಮುಂದಿನ ದಿನಗಳಲ್ಲಿ ಬ್ಯಾಂಕಿನ ಶಾಖೆಗಳನ್ನು ವಿಸ್ತರಿಸಲಾಗುವುದು ಎಂದರು.
ಮರ್ಚೆಂಟ್ಸ್ ಸೌಹಾರ್ದ ಸಹಕಾರಿ ಬ್ಯಾಂಕಿನ ೨೦೧೧-೧೨ನೇ ಸಾಲಿನ ಸಾಮಾನ್ಯ ಸರ್ವ ಸದಸ್ಯರ ಸಭೆ ಆ. ೧೯ರಂದು ಚಿತ್ರದುರ್ಗದ ಶ್ರೀ ವಿನಾಯಕ ಕಲ್ಯಾಣ ಮಂಟಪದಲ್ಲಿ ನಡೆಯಿತು. ಈ ಸಂದರ್ಭದಲ್ಲಿ ಎಸ್.ಎಸ್.ಎಲ್.ಸಿ. ಮತ್ತು ಪಿ.ಯು.ಸಿ. ಯಲ್ಲಿ ಹೆಚ್ಚು ಅಂಕ ಗಳಿಸಿದ ವಿದ್ಯಾರ್ಥಿಗಳಿಗೆ ಪ್ರತಿಭಾ ಪುರಸ್ಕಾರ ನೀಡಲಾಯಿತು. ಬ್ಯಾಂಕಿನ ಅಧ್ಯಕ್ಷ ಎಸ್.ಆರ್. ಲಕ್ಷ್ಮೀಕಾಂತರೆಡ್ಡಿ ಅವರು ಪುರಸ್ಕಾರ ವಿತರಿಸಿದರು. ಪಿ.ಯು.ಸಿ. ಯಲ್ಲಿ ಹೆಚ್ಚು ಅಂಕ ಪಡೆದ ೨೦ ವಿದ್ಯಾರ್ಥಿಗಳಿಗೆ (ಕೆಳಗಿನ ಚಿತ್ರ) ಬ್ಯಾಂಕಿನ ಆಡಳಿತ ಮಂಡಳಿಯಿಂದ ಬ್ಯಾಂಕಿನ ಅಧ್ಯಕ್ಷರಾದ ಎಸ್.ಆರ್. ಲಕ್ಷ್ಮೀಕಾಂತರೆಡ್ಡಿ ಅವರು ಬಹುಮಾನ ವಿತರಿಸಿದರು.
